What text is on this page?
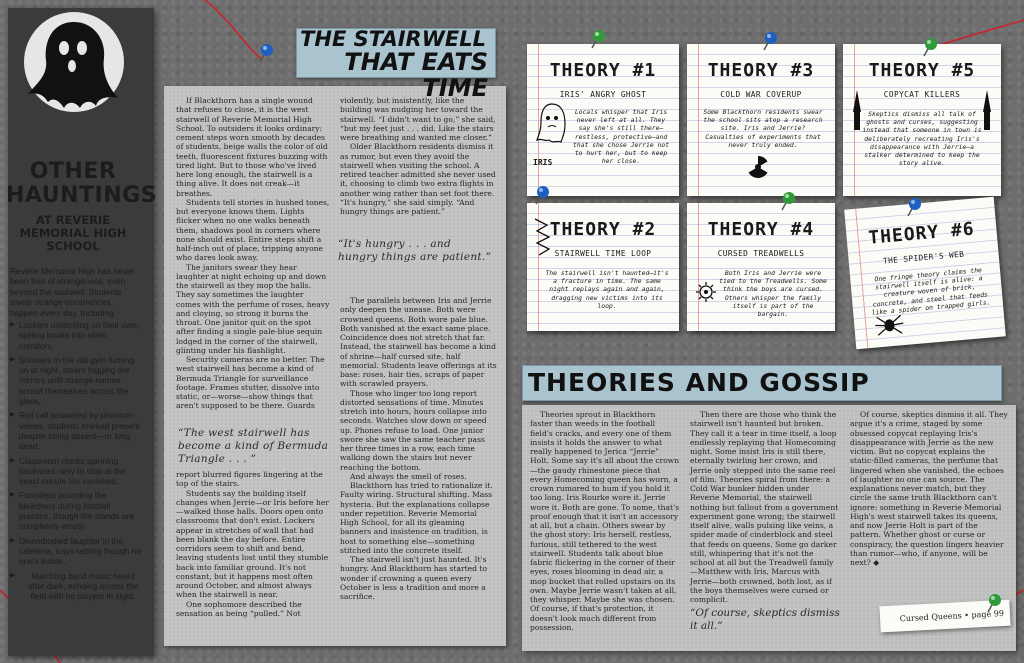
OTHER HAUNTINGS
AT REVERIE MEMORIAL HIGH SCHOOL
Reverie Memorial High has never been free of strangeness, even beyond the stairwell. Students swear strange occurrences happen every day, including:
▶ Lockers unlatching on their own, spilling books into silent corridors,
▶ Showers in the old gym turning on at night, steam fogging the mirrors until strange names scrawl themselves across the glass,
▶ Roll call answered by phantom voices, students marked present despite being absent—or long dead.
▶ Classroom clocks spinning backward, only to stop at the exact minute Iris vanished,
▶ Footsteps pounding the bleachers during football practice, though the stands are completely empty.
▶ Disembodied laughter in the cafeteria, trays rattling though no one's inside,
▶ Marching band music heard after dark, echoing across the field with no players in sight.
THE STAIRWELL
THAT EATS TIME

If Blackthorn has a single wound that refuses to close, it is the west stairwell of Reverie Memorial High School. To outsiders it looks ordinary: cement steps worn smooth by decades of students, beige walls the color of old teeth, fluorescent fixtures buzzing with tired light. But to those who've lived here long enough, the stairwell is a thing alive. It does not creak—it breathes.

Students tell stories in hushed tones, but everyone knows them. Lights flicker when no one walks beneath them, shadows pool in corners where none should exist. Entire steps shift a half-inch out of place, tripping anyone who dares look away.

The janitors swear they hear laughter at night echoing up and down the stairwell as they mop the halls. They say sometimes the laughter comes with the perfume of roses, heavy and cloying, so strong it burns the throat. One janitor quit on the spot after finding a single pale-blue sequin lodged in the corner of the stairwell, glinting under his flashlight.

Security cameras are no better. The west stairwell has become a kind of Bermuda Triangle for surveillance footage. Frames stutter, dissolve into static, or—worse—show things that aren't supposed to be there. Guards

“The west stairwell has become a kind of Bermuda Triangle . . . ”

report blurred figures lingering at the top of the stairs.

Students say the building itself changes when Jerrie—or Iris before her—walked those halls. Doors open onto classrooms that don't exist. Lockers appear in stretches of wall that had been blank the day before. Entire corridors seem to shift and bend, leaving students lost until they stumble back into familiar ground. It's not constant, but it happens most often around October, and almost always when the stairwell is near.

One sophomore described the sensation as being “pulled.” Not

violently, but insistently, like the building was nudging her toward the stairwell. “I didn't want to go,” she said, “but my feet just . . . did. Like the stairs were breathing and wanted me closer.”

Older Blackthorn residents dismiss it as rumor, but even they avoid the stairwell when visiting the school. A retired teacher admitted she never used it, choosing to climb two extra flights in another wing rather than set foot there. “It's hungry,” she said simply. “And hungry things are patient.”

“It's hungry . . . and hungry things are patient.”

The parallels between Iris and Jerrie only deepen the unease. Both were crowned queens. Both wore pale blue. Both vanished at the exact same place. Coincidence does not stretch that far. Instead, the stairwell has become a kind of shrine—half cursed site, half memorial. Students leave offerings at its base: roses, hair ties, scraps of paper with scrawled prayers.

Those who linger too long report distorted sensations of time. Minutes stretch into hours, hours collapse into seconds. Watches slow down or speed up. Phones refuse to load. One junior swore she saw the same teacher pass her three times in a row, each time walking down the stairs but never reaching the bottom.

And always the smell of roses.

Blackthorn has tried to rationalize it. Faulty wiring. Structural shifting. Mass hysteria. But the explanations collapse under repetition. Reverie Memorial High School, for all its gleaming banners and insistence on tradition, is host to something else—something stitched into the concrete itself.

The stairwell isn't just haunted. It's hungry. And Blackthorn has started to wonder if crowning a queen every October is less a tradition and more a sacrifice.

THEORY #1
IRIS' ANGRY GHOST
IRIS
Locals whisper that Iris never left at all. They say she's still there—restless, protective—and that she chose Jerrie not to hurt her, but to keep her close.
THEORY #3
COLD WAR COVERUP
Some Blackthorn residents swear the school sits atop a research site. Iris and Jerrie? Casualties of experiments that never truly ended.
THEORY #5
COPYCAT KILLERS
Skeptics dismiss all talk of ghosts and curses, suggesting instead that someone in town is deliberately recreating Iris's disappearance with Jerrie—a stalker determined to keep the story alive.
THEORY #2
STAIRWELL TIME LOOP
The stairwell isn't haunted—it's a fracture in time. The same night replays again and again, dragging new victims into its loop.
THEORY #4
CURSED TREADWELLS
Both Iris and Jerrie were tied to the Treadwells. Some think the boys are cursed. Others whisper the family itself is part of the bargain.
THEORY #6
THE SPIDER'S WEB
One fringe theory claims the stairwell itself is alive: a creature woven of brick, concrete, and steel that feeds like a spider on trapped girls.
THEORIES AND GOSSIP

Theories sprout in Blackthorn faster than weeds in the football field's cracks, and every one of them insists it holds the answer to what really happened to Jerica “Jerrie” Holt. Some say it's all about the crown—the gaudy rhinestone piece that every Homecoming queen has worn, a crown rumored to hum if you hold it too long. Iris Rourke wore it. Jerrie wore it. Both are gone. To some, that's proof enough that it isn't an accessory at all, but a chain. Others swear by the ghost story: Iris herself, restless, furious, still tethered to the west stairwell. Students talk about blue fabric flickering in the corner of their eyes, roses blooming in dead air, a mop bucket that rolled upstairs on its own. Maybe Jerrie wasn't taken at all, they whisper. Maybe she was chosen. Of course, if that's protection, it doesn't look much different from possession.

Then there are those who think the stairwell isn't haunted but broken. They call it a tear in time itself, a loop endlessly replaying that Homecoming night. Some insist Iris is still there, eternally twirling her crown, and Jerrie only stepped into the same reel of film. Theories spiral from there: a Cold War bunker hidden under Reverie Memorial, the stairwell nothing but fallout from a government experiment gone wrong; the stairwell itself alive, walls pulsing like veins, a spider made of cinderblock and steel that feeds on queens. Some go darker still, whispering that it's not the school at all but the Treadwell family—Matthew with Iris, Marcus with Jerrie—both crowned, both lost, as if the boys themselves were cursed or complicit.

“Of course, skeptics dismiss it all.”

Of course, skeptics dismiss it all. They argue it's a crime, staged by some obsessed copycat replaying Iris's disappearance with Jerrie as the new victim. But no copycat explains the static-filled cameras, the perfume that lingered when she vanished, the echoes of laughter no one can source. The explanations never match, but they circle the same truth Blackthorn can't ignore: something in Reverie Memorial High's west stairwell takes its queens, and now Jerrie Holt is part of the pattern. Whether ghost or curse or conspiracy, the question lingers heavier than rumor—who, if anyone, will be next? ◆

Cursed Queens • page 99
